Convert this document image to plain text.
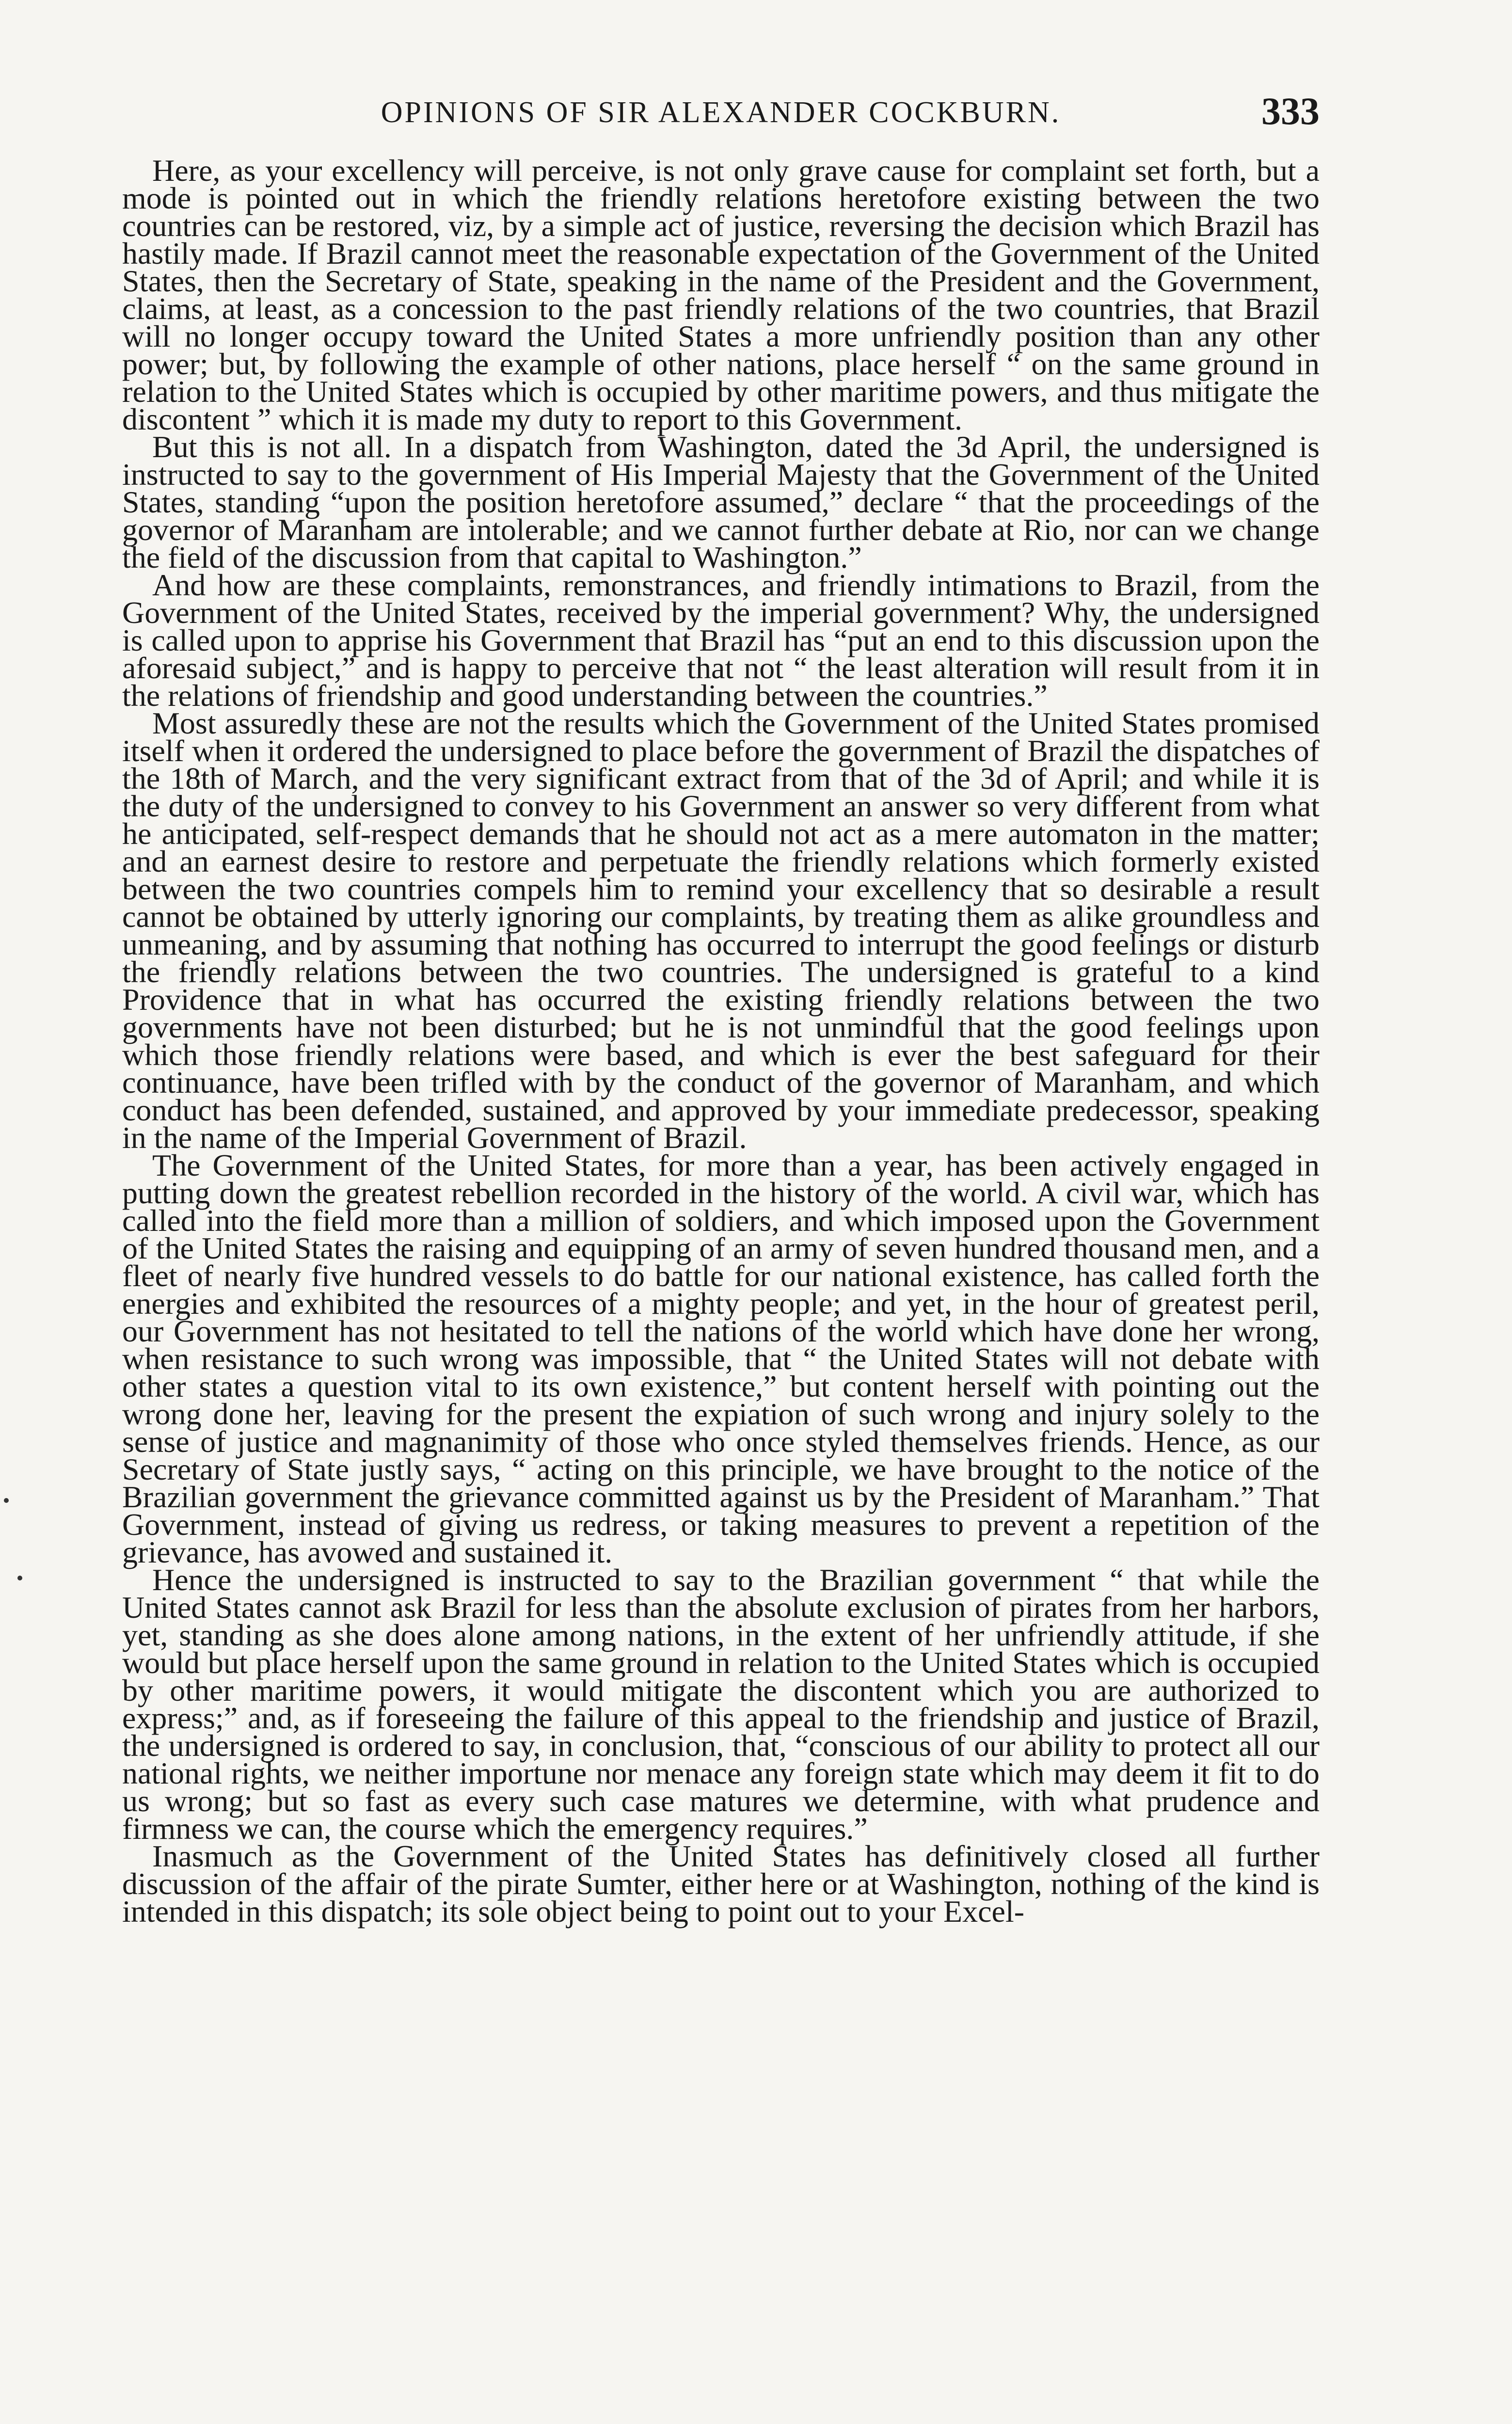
OPINIONS OF SIR ALEXANDER COCKBURN.	333

Here, as your excellency will perceive, is not only grave cause for complaint set forth, but a mode is pointed out in which the friendly relations heretofore existing between the two countries can be restored, viz, by a simple act of justice, reversing the decision which Brazil has hastily made. If Brazil cannot meet the reasonable expectation of the Government of the United States, then the Secretary of State, speaking in the name of the President and the Government, claims, at least, as a concession to the past friendly relations of the two countries, that Brazil will no longer occupy toward the United States a more unfriendly position than any other power; but, by following the example of other nations, place herself “ on the same ground in relation to the United States which is occupied by other maritime powers, and thus mitigate the discontent ” which it is made my duty to report to this Government.

But this is not all. In a dispatch from Washington, dated the 3d April, the undersigned is instructed to say to the government of His Imperial Majesty that the Government of the United States, standing “upon the position heretofore assumed,” declare “ that the proceedings of the governor of Maranham are intolerable; and we cannot further debate at Rio, nor can we change the field of the discussion from that capital to Washington.”

And how are these complaints, remonstrances, and friendly intimations to Brazil, from the Government of the United States, received by the imperial government? Why, the undersigned is called upon to apprise his Government that Brazil has “put an end to this discussion upon the aforesaid subject,” and is happy to perceive that not “ the least alteration will result from it in the relations of friendship and good understanding between the countries.”

Most assuredly these are not the results which the Government of the United States promised itself when it ordered the undersigned to place before the government of Brazil the dispatches of the 18th of March, and the very significant extract from that of the 3d of April; and while it is the duty of the undersigned to convey to his Government an answer so very different from what he anticipated, self-respect demands that he should not act as a mere automaton in the matter; and an earnest desire to restore and perpetuate the friendly relations which formerly existed between the two countries compels him to remind your excellency that so desirable a result cannot be obtained by utterly ignoring our complaints, by treating them as alike groundless and unmeaning, and by assuming that nothing has occurred to interrupt the good feelings or disturb the friendly relations between the two countries. The undersigned is grateful to a kind Providence that in what has occurred the existing friendly relations between the two governments have not been disturbed; but he is not unmindful that the good feelings upon which those friendly relations were based, and which is ever the best safeguard for their continuance, have been trifled with by the conduct of the governor of Maranham, and which conduct has been defended, sustained, and approved by your immediate predecessor, speaking in the name of the Imperial Government of Brazil.

The Government of the United States, for more than a year, has been actively engaged in putting down the greatest rebellion recorded in the history of the world. A civil war, which has called into the field more than a million of soldiers, and which imposed upon the Government of the United States the raising and equipping of an army of seven hundred thousand men, and a fleet of nearly five hundred vessels to do battle for our national existence, has called forth the energies and exhibited the resources of a mighty people; and yet, in the hour of greatest peril, our Government has not hesitated to tell the nations of the world which have done her wrong, when resistance to such wrong was impossible, that “ the United States will not debate with other states a question vital to its own existence,” but content herself with pointing out the wrong done her, leaving for the present the expiation of such wrong and injury solely to the sense of justice and magnanimity of those who once styled themselves friends. Hence, as our Secretary of State justly says, “ acting on this principle, we have brought to the notice of the Brazilian government the grievance committed against us by the President of Maranham.” That Government, instead of giving us redress, or taking measures to prevent a repetition of the grievance, has avowed and sustained it.

Hence the undersigned is instructed to say to the Brazilian government “ that while the United States cannot ask Brazil for less than the absolute exclusion of pirates from her harbors, yet, standing as she does alone among nations, in the extent of her unfriendly attitude, if she would but place herself upon the same ground in relation to the United States which is occupied by other maritime powers, it would mitigate the discontent which you are authorized to express;” and, as if foreseeing the failure of this appeal to the friendship and justice of Brazil, the undersigned is ordered to say, in conclusion, that, “conscious of our ability to protect all our national rights, we neither importune nor menace any foreign state which may deem it fit to do us wrong; but so fast as every such case matures we determine, with what prudence and firmness we can, the course which the emergency requires.”

Inasmuch as the Government of the United States has definitively closed all further discussion of the affair of the pirate Sumter, either here or at Washington, nothing of the kind is intended in this dispatch; its sole object being to point out to your Excel-
